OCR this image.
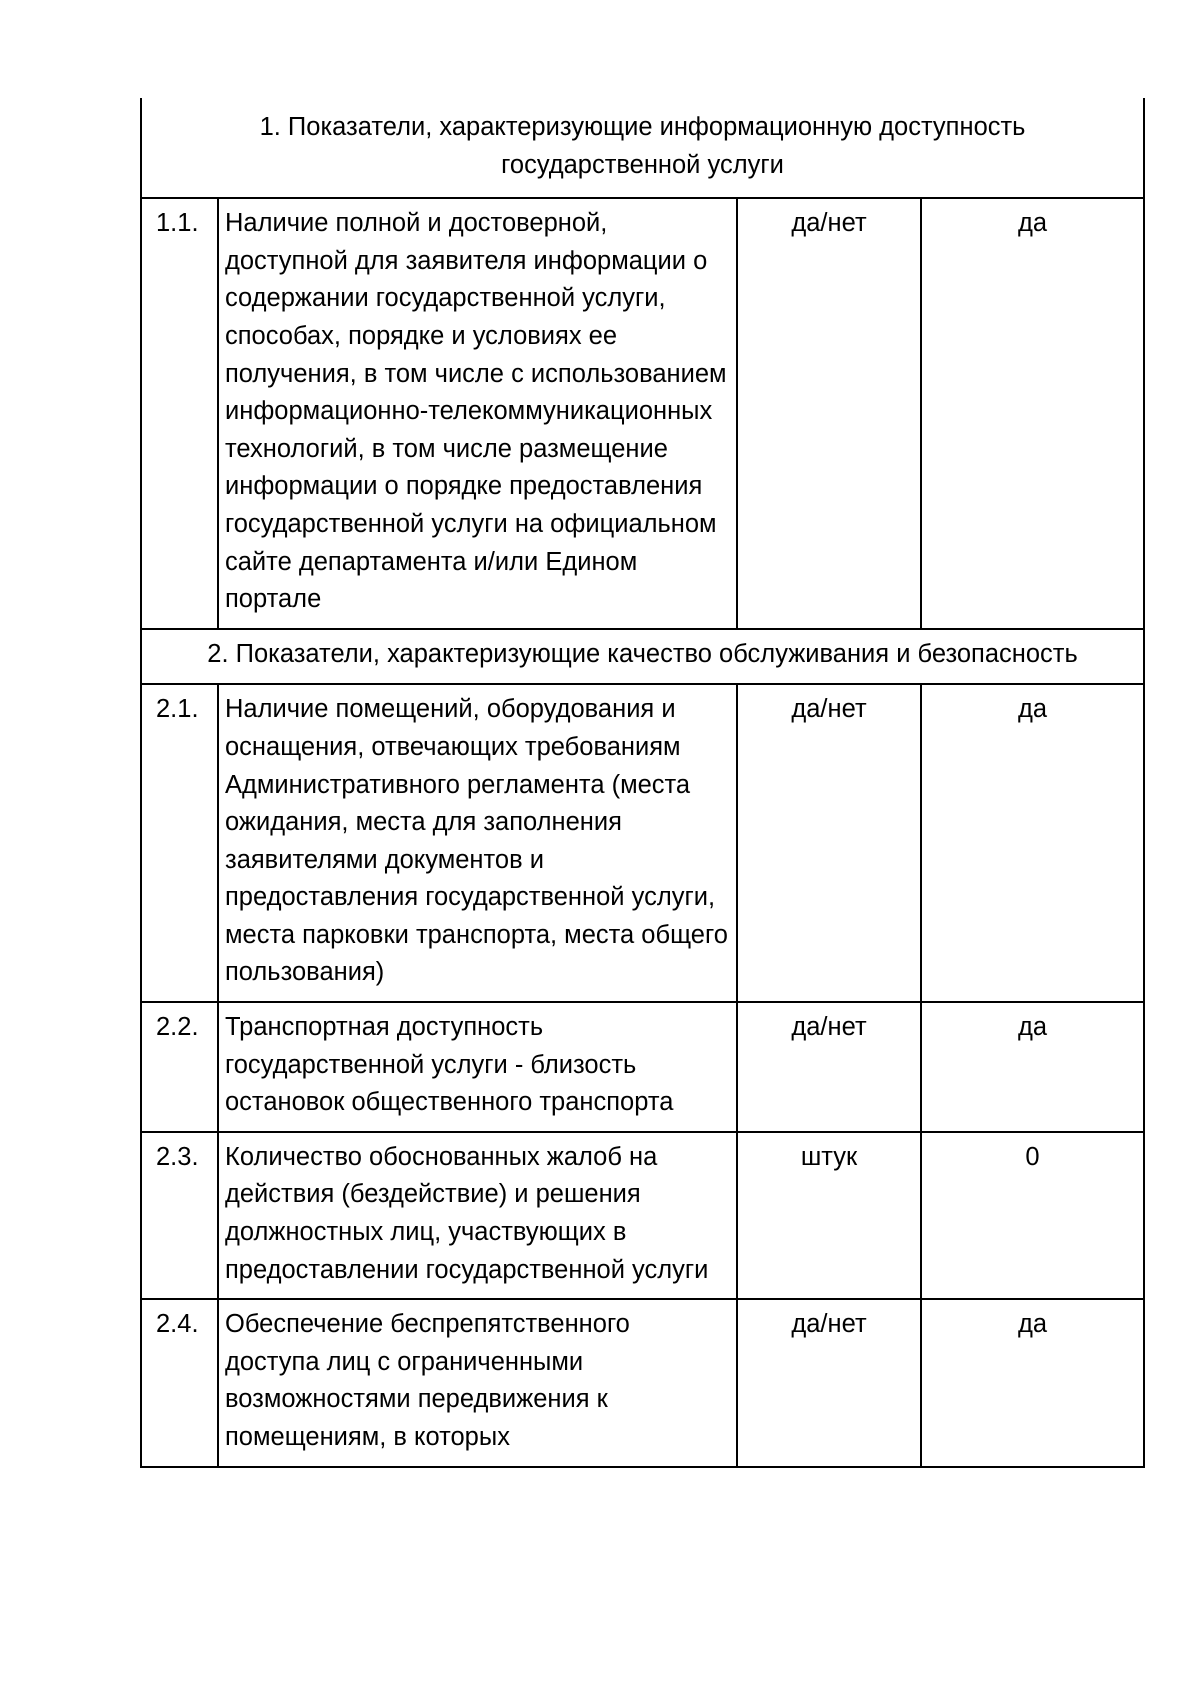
1. Показатели, характеризующие информационную доступность государственной услуги			
1.1.	Наличие полной и достоверной, доступной для заявителя информации о содержании государственной услуги, способах, порядке и условиях ее получения, в том числе с использованием информационно-телекоммуникационных технологий, в том числе размещение информации о порядке предоставления государственной услуги на официальном сайте департамента и/или Едином портале	да/нет	да
2. Показатели, характеризующие качество обслуживания и безопасность			
2.1.	Наличие помещений, оборудования и оснащения, отвечающих требованиям Административного регламента (места ожидания, места для заполнения заявителями документов и предоставления государственной услуги, места парковки транспорта, места общего пользования)	да/нет	да
2.2.	Транспортная доступность государственной услуги - близость остановок общественного транспорта	да/нет	да
2.3.	Количество обоснованных жалоб на действия (бездействие) и решения должностных лиц, участвующих в предоставлении государственной услуги	штук	0
2.4.	Обеспечение беспрепятственного доступа лиц с ограниченными возможностями передвижения к помещениям, в которых	да/нет	да
